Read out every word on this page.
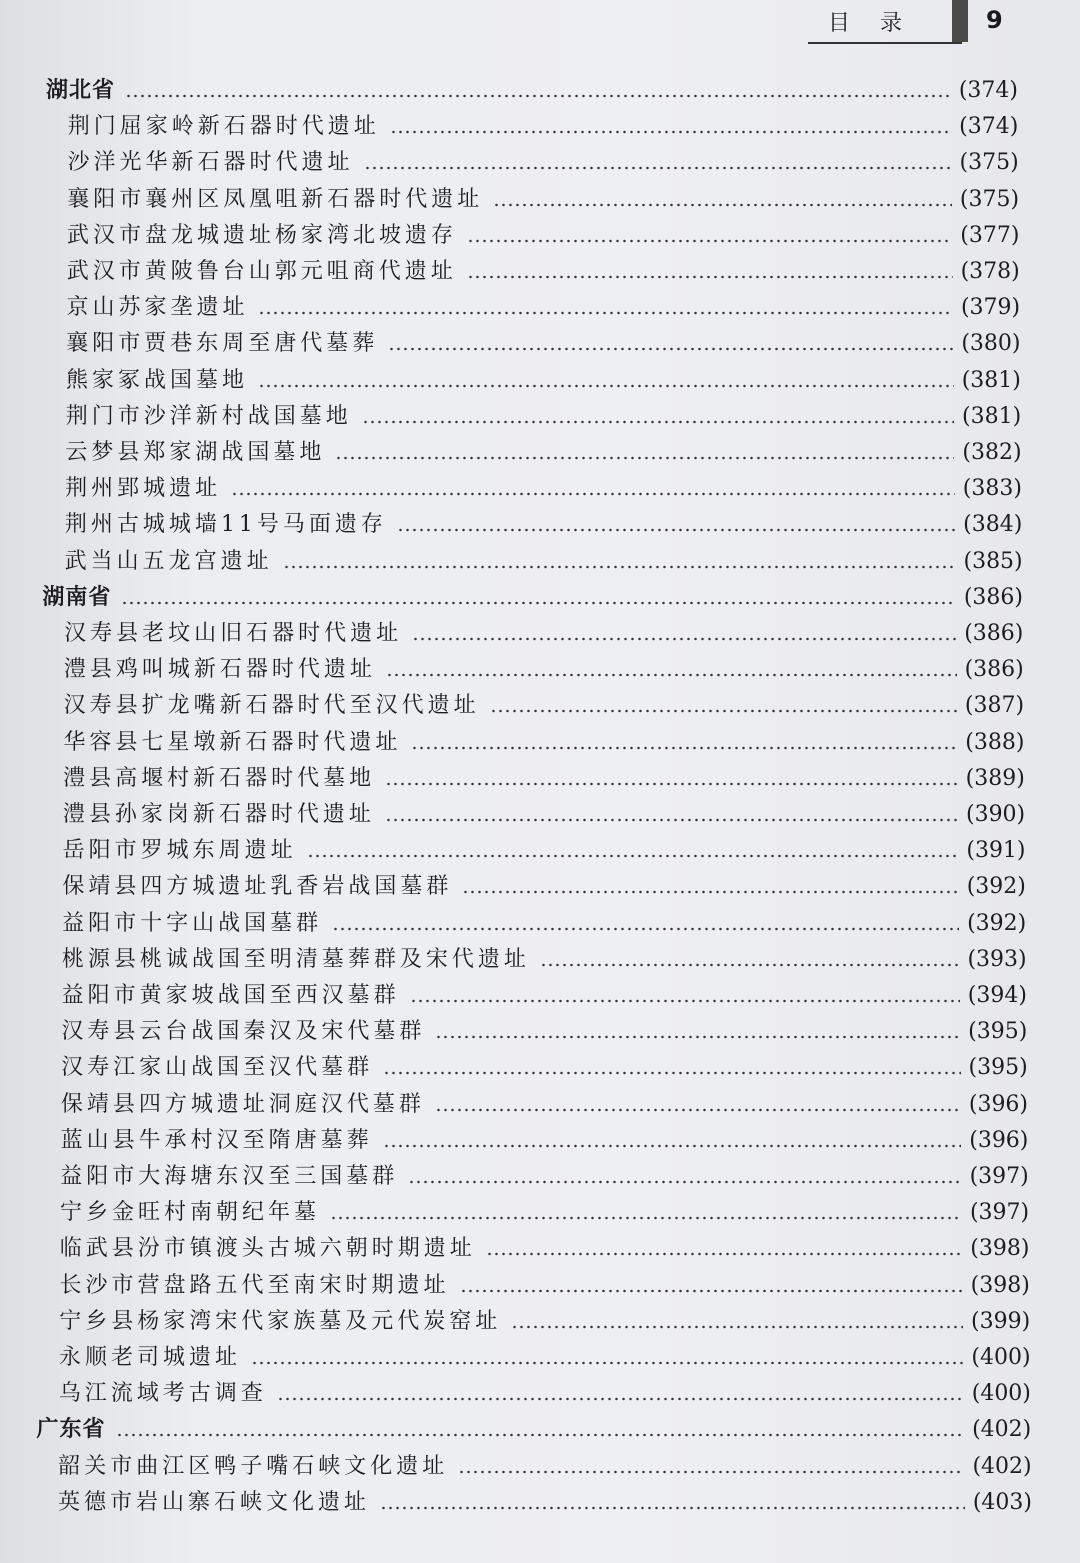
目录 9
湖北省	(374)
荆门屈家岭新石器时代遗址	(374)
沙洋光华新石器时代遗址	(375)
襄阳市襄州区凤凰咀新石器时代遗址	(375)
武汉市盘龙城遗址杨家湾北坡遗存	(377)
武汉市黄陂鲁台山郭元咀商代遗址	(378)
京山苏家垄遗址	(379)
襄阳市贾巷东周至唐代墓葬	(380)
熊家冢战国墓地	(381)
荆门市沙洋新村战国墓地	(381)
云梦县郑家湖战国墓地	(382)
荆州郢城遗址	(383)
荆州古城城墙11号马面遗存	(384)
武当山五龙宫遗址	(385)
湖南省	(386)
汉寿县老坟山旧石器时代遗址	(386)
澧县鸡叫城新石器时代遗址	(386)
汉寿县扩龙嘴新石器时代至汉代遗址	(387)
华容县七星墩新石器时代遗址	(388)
澧县高堰村新石器时代墓地	(389)
澧县孙家岗新石器时代遗址	(390)
岳阳市罗城东周遗址	(391)
保靖县四方城遗址乳香岩战国墓群	(392)
益阳市十字山战国墓群	(392)
桃源县桃诚战国至明清墓葬群及宋代遗址	(393)
益阳市黄家坡战国至西汉墓群	(394)
汉寿县云台战国秦汉及宋代墓群	(395)
汉寿江家山战国至汉代墓群	(395)
保靖县四方城遗址洞庭汉代墓群	(396)
蓝山县牛承村汉至隋唐墓葬	(396)
益阳市大海塘东汉至三国墓群	(397)
宁乡金旺村南朝纪年墓	(397)
临武县汾市镇渡头古城六朝时期遗址	(398)
长沙市营盘路五代至南宋时期遗址	(398)
宁乡县杨家湾宋代家族墓及元代炭窑址	(399)
永顺老司城遗址	(400)
乌江流域考古调查	(400)
广东省	(402)
韶关市曲江区鸭子嘴石峡文化遗址	(402)
英德市岩山寨石峡文化遗址	(403)
